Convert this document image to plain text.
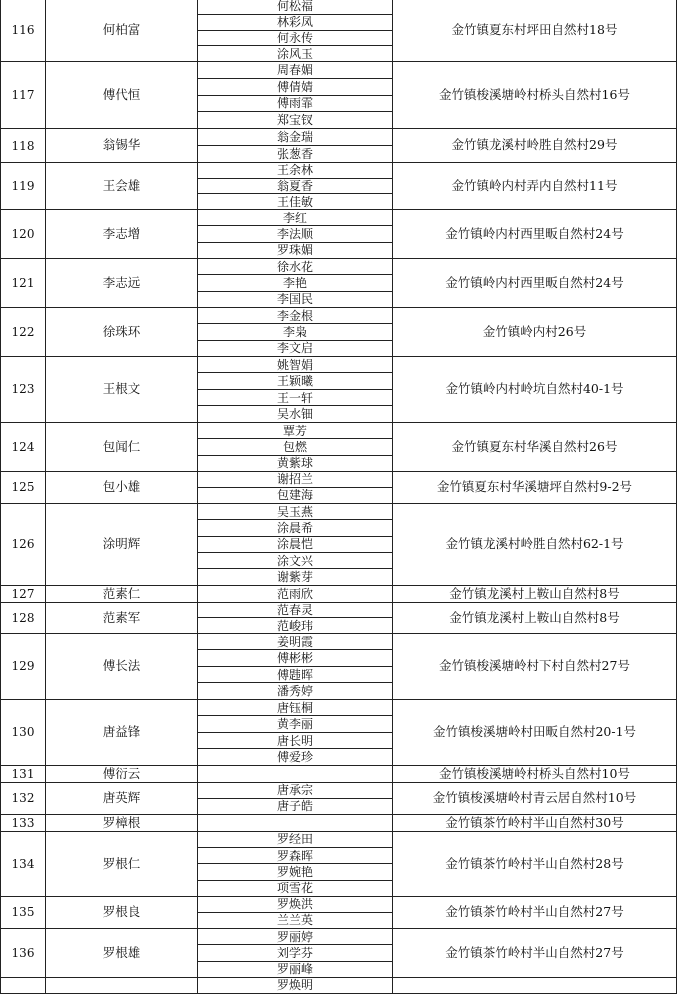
116	何柏富	何松福	金竹镇夏东村坪田自然村18号
		林彩凤	
		何永传	
		涂风玉	
117	傅代恒	周春媚	金竹镇梭溪塘岭村桥头自然村16号
		傅倩婧	
		傅雨霏	
		郑宝钗	
118	翁锡华	翁金瑞	金竹镇龙溪村岭胜自然村29号
		张葱香	
119	王会雄	王余林	金竹镇岭内村弄内自然村11号
		翁夏香	
		王佳敏	
120	李志增	李红	金竹镇岭内村西里畈自然村24号
		李法顺	
		罗珠媚	
121	李志远	徐水花	金竹镇岭内村西里畈自然村24号
		李艳	
		李国民	
122	徐珠环	李金根	金竹镇岭内村26号
		李枭	
		李文启	
123	王根文	姚智娟	金竹镇岭内村岭坑自然村40-1号
		王颖曦	
		王一轩	
		吴水钿	
124	包闻仁	覃芳	金竹镇夏东村华溪自然村26号
		包燃	
		黄紫球	
125	包小雄	谢招兰	金竹镇夏东村华溪塘坪自然村9-2号
		包建海	
126	涂明辉	吴玉燕	金竹镇龙溪村岭胜自然村62-1号
		涂晨希	
		涂晨恺	
		涂文兴	
		谢紫芽	
127	范素仁	范雨欣	金竹镇龙溪村上鞍山自然村8号
128	范素军	范春灵	金竹镇龙溪村上鞍山自然村8号
		范峻玮	
129	傅长法	姜明霞	金竹镇梭溪塘岭村下村自然村27号
		傅彬彬	
		傅韪晖	
		潘秀婷	
130	唐益锋	唐钰桐	金竹镇梭溪塘岭村田畈自然村20-1号
		黄李丽	
		唐长明	
		傅爱珍	
131	傅衍云		金竹镇梭溪塘岭村桥头自然村10号
132	唐英辉	唐承宗	金竹镇梭溪塘岭村青云居自然村10号
		唐子皓	
133	罗樟根		金竹镇茶竹岭村半山自然村30号
134	罗根仁	罗经田	金竹镇茶竹岭村半山自然村28号
		罗森晖	
		罗婉艳	
		项雪花	
135	罗根良	罗焕洪	金竹镇茶竹岭村半山自然村27号
		兰兰英	
136	罗根雄	罗丽婷	金竹镇茶竹岭村半山自然村27号
		刘学芬	
		罗丽峰	
		罗焕明	
